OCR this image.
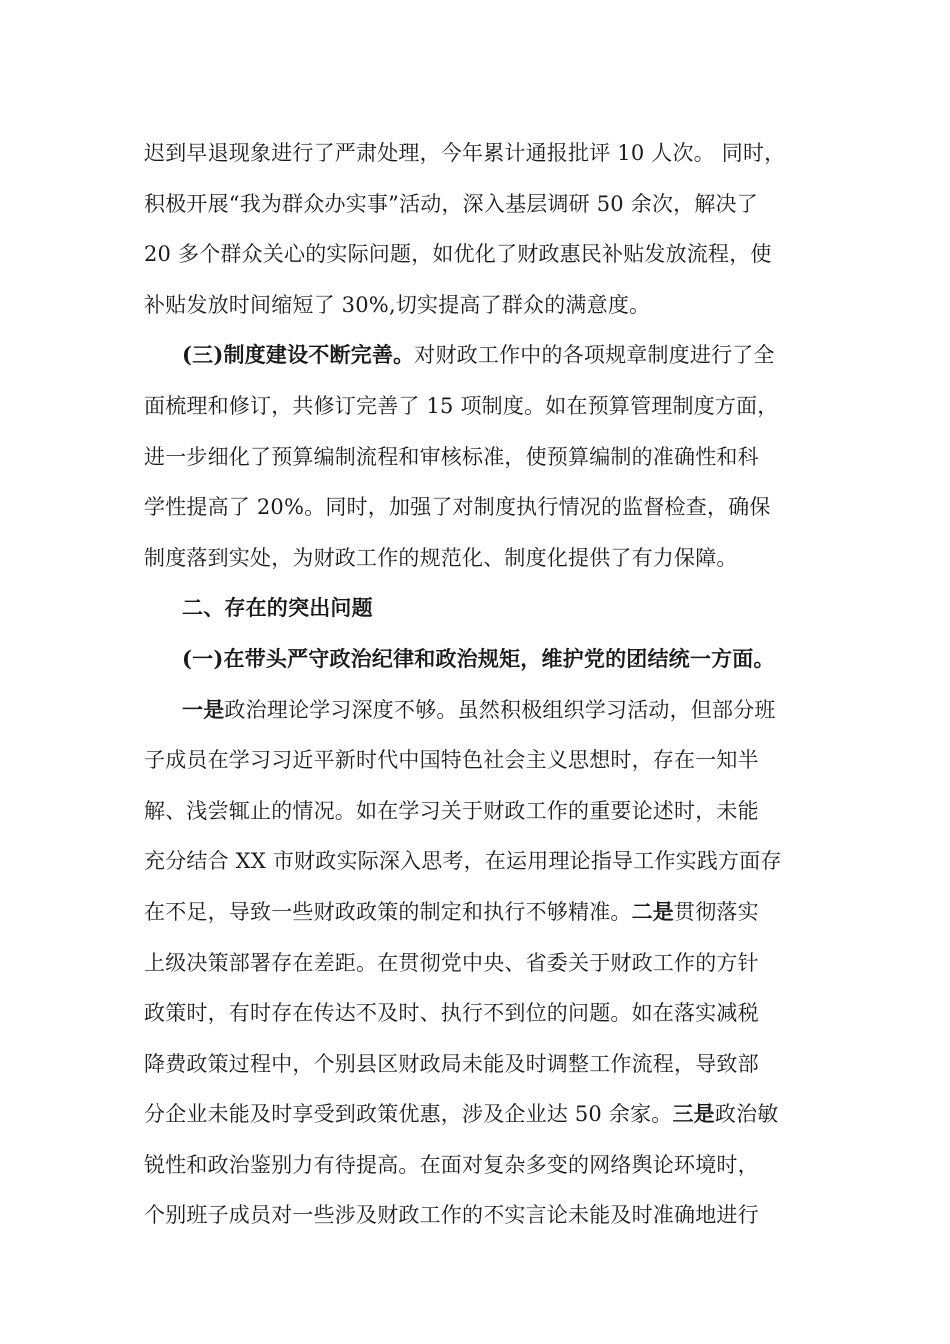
迟到早退现象进行了严肃处理，今年累计通报批评 10 人次。 同时，
积极开展“我为群众办实事”活动，深入基层调研 50 余次，解决了
20 多个群众关心的实际问题，如优化了财政惠民补贴发放流程，使
补贴发放时间缩短了 30%,切实提高了群众的满意度。
(三)制度建设不断完善。对财政工作中的各项规章制度进行了全
面梳理和修订，共修订完善了 15 项制度。如在预算管理制度方面，
进一步细化了预算编制流程和审核标准，使预算编制的准确性和科
学性提高了 20%。同时，加强了对制度执行情况的监督检查，确保
制度落到实处，为财政工作的规范化、制度化提供了有力保障。
二、存在的突出问题
(一)在带头严守政治纪律和政治规矩，维护党的团结统一方面。
一是政治理论学习深度不够。虽然积极组织学习活动，但部分班
子成员在学习习近平新时代中国特色社会主义思想时，存在一知半
解、浅尝辄止的情况。如在学习关于财政工作的重要论述时，未能
充分结合 XX 市财政实际深入思考，在运用理论指导工作实践方面存
在不足，导致一些财政政策的制定和执行不够精准。二是贯彻落实
上级决策部署存在差距。在贯彻党中央、省委关于财政工作的方针
政策时，有时存在传达不及时、执行不到位的问题。如在落实减税
降费政策过程中，个别县区财政局未能及时调整工作流程，导致部
分企业未能及时享受到政策优惠，涉及企业达 50 余家。三是政治敏
锐性和政治鉴别力有待提高。在面对复杂多变的网络舆论环境时，
个别班子成员对一些涉及财政工作的不实言论未能及时准确地进行
